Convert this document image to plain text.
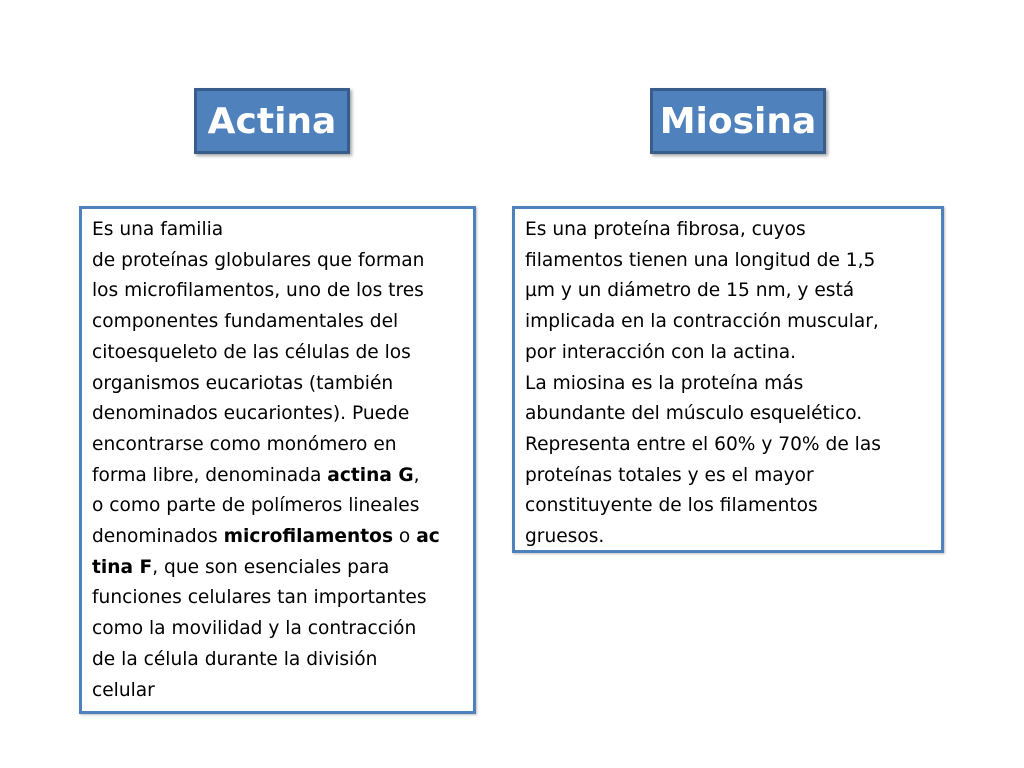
Actina	Miosina
Es una familia
de proteínas globulares que forman
los microfilamentos, uno de los tres
componentes fundamentales del
citoesqueleto de las células de los
organismos eucariotas (también
denominados eucariontes). Puede
encontrarse como monómero en
forma libre, denominada actina G,
o como parte de polímeros lineales
denominados microfilamentos o ac
tina F, que son esenciales para
funciones celulares tan importantes
como la movilidad y la contracción
de la célula durante la división
celular
Es una proteína fibrosa, cuyos
filamentos tienen una longitud de 1,5
µm y un diámetro de 15 nm, y está
implicada en la contracción muscular,
por interacción con la actina.
La miosina es la proteína más
abundante del músculo esquelético.
Representa entre el 60% y 70% de las
proteínas totales y es el mayor
constituyente de los filamentos
gruesos.
